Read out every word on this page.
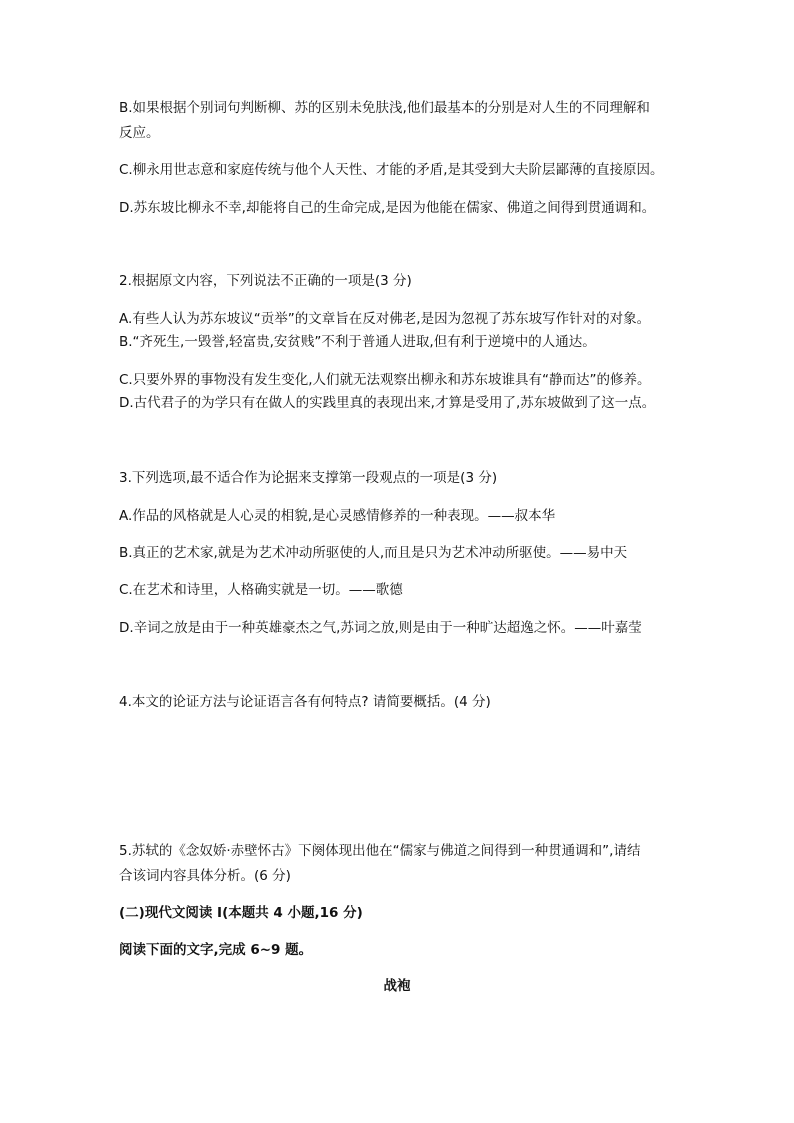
B.如果根据个别词句判断柳、苏的区别未免肤浅,他们最基本的分别是对人生的不同理解和
反应。
C.柳永用世志意和家庭传统与他个人天性、才能的矛盾,是其受到大夫阶层鄙薄的直接原因。
D.苏东坡比柳永不幸,却能将自己的生命完成,是因为他能在儒家、佛道之间得到贯通调和。
2.根据原文内容，下列说法不正确的一项是(3 分)
A.有些人认为苏东坡议“贡举”的文章旨在反对佛老,是因为忽视了苏东坡写作针对的对象。
B.“齐死生,一毁誉,轻富贵,安贫贱”不利于普通人进取,但有利于逆境中的人通达。
C.只要外界的事物没有发生变化,人们就无法观察出柳永和苏东坡谁具有“静而达”的修养。
D.古代君子的为学只有在做人的实践里真的表现出来,才算是受用了,苏东坡做到了这一点。
3.下列选项,最不适合作为论据来支撑第一段观点的一项是(3 分)
A.作品的风格就是人心灵的相貌,是心灵感情修养的一种表现。——叔本华
B.真正的艺术家,就是为艺术冲动所驱使的人,而且是只为艺术冲动所驱使。——易中天
C.在艺术和诗里，人格确实就是一切。——歌德
D.辛词之放是由于一种英雄豪杰之气,苏词之放,则是由于一种旷达超逸之怀。——叶嘉莹
4.本文的论证方法与论证语言各有何特点? 请简要概括。(4 分)
5.苏轼的《念奴娇·赤壁怀古》下阕体现出他在“儒家与佛道之间得到一种贯通调和”,请结
合该词内容具体分析。(6 分)
(二)现代文阅读 I(本题共 4 小题,16 分)
阅读下面的文字,完成 6~9 题。
战袍
